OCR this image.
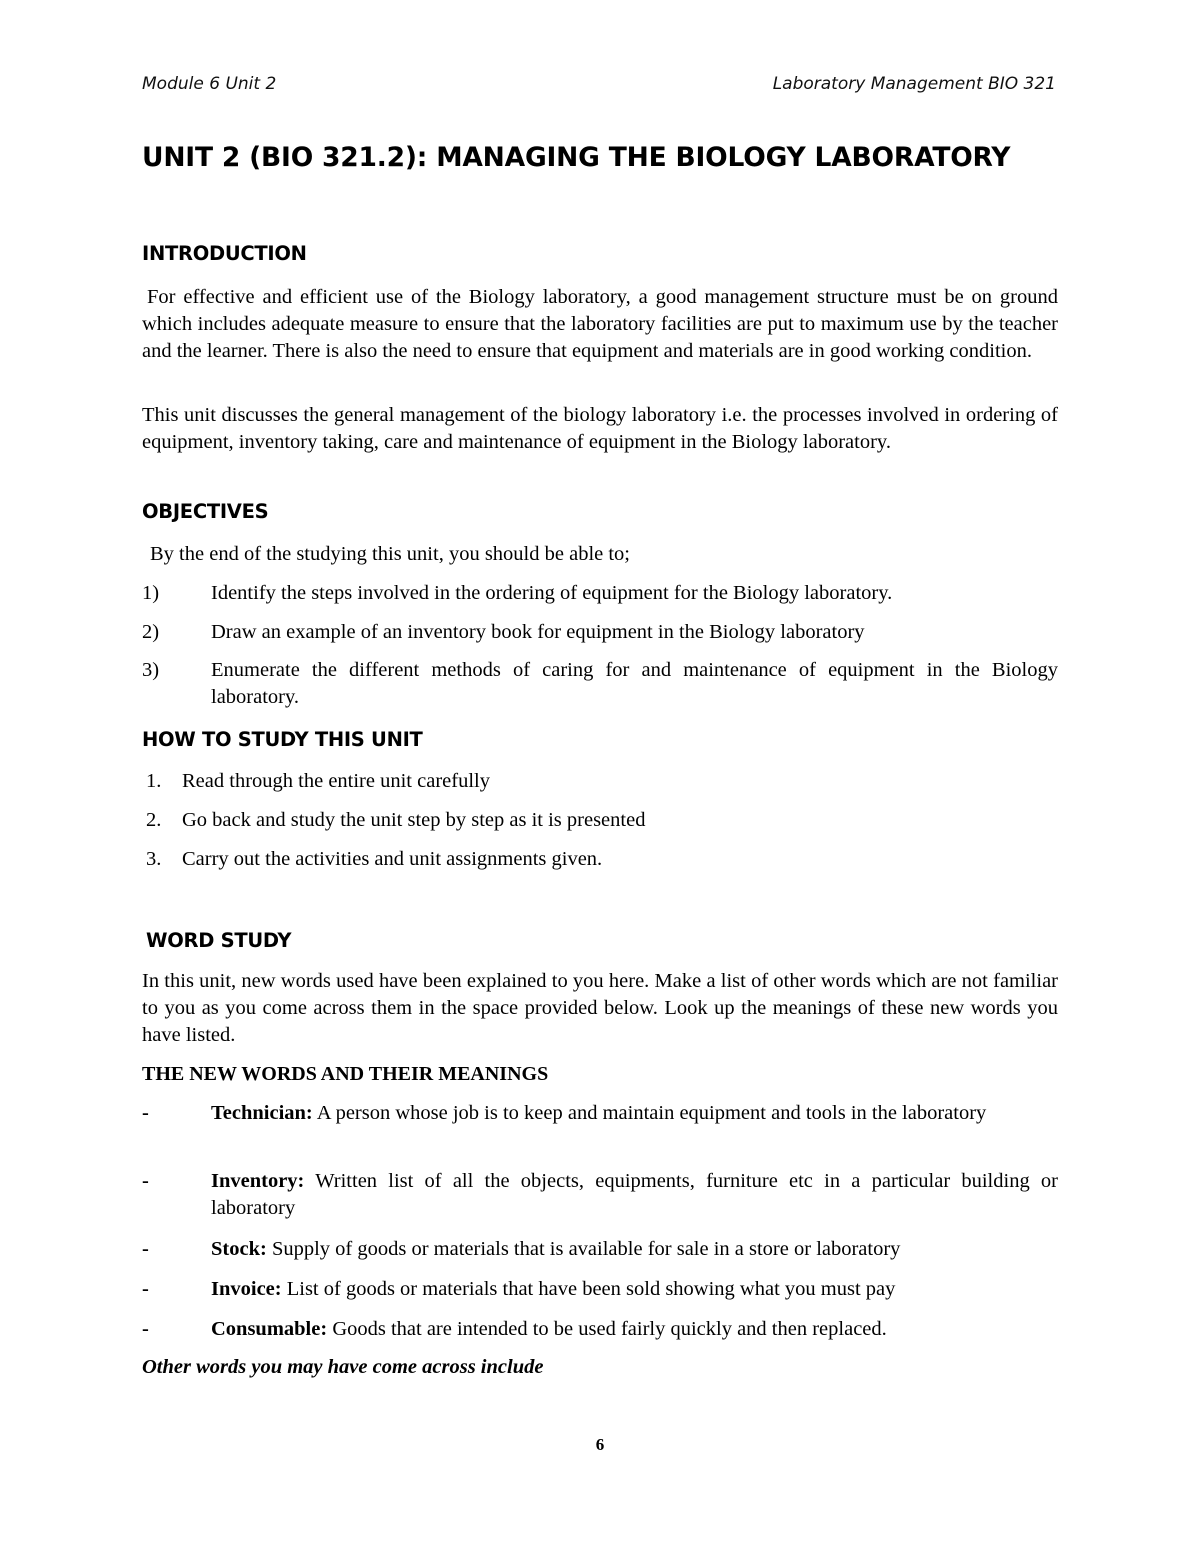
Module 6 Unit 2	Laboratory Management BIO 321
UNIT 2 (BIO 321.2): MANAGING THE BIOLOGY LABORATORY
INTRODUCTION
For effective and efficient use of the Biology laboratory, a good management structure must be on ground which includes adequate measure to ensure that the laboratory facilities are put to maximum use by the teacher and the learner. There is also the need to ensure that equipment and materials are in good working condition.
This unit discusses the general management of the biology laboratory i.e. the processes involved in ordering of equipment, inventory taking, care and maintenance of equipment in the Biology laboratory.
OBJECTIVES
By the end of the studying this unit, you should be able to;
1)	Identify the steps involved in the ordering of equipment for the Biology laboratory.
2)	Draw an example of an inventory book for equipment in the Biology laboratory
3)	Enumerate the different methods of caring for and maintenance of equipment in the Biology laboratory.
HOW TO STUDY THIS UNIT
1. Read through the entire unit carefully
2. Go back and study the unit step by step as it is presented
3. Carry out the activities and unit assignments given.
WORD STUDY
In this unit, new words used have been explained to you here. Make a list of other words which are not familiar to you as you come across them in the space provided below. Look up the meanings of these new words you have listed.
THE NEW WORDS AND THEIR MEANINGS
-	Technician: A person whose job is to keep and maintain equipment and tools in the laboratory
-	Inventory: Written list of all the objects, equipments, furniture etc in a particular building or laboratory
-	Stock: Supply of goods or materials that is available for sale in a store or laboratory
-	Invoice: List of goods or materials that have been sold showing what you must pay
-	Consumable: Goods that are intended to be used fairly quickly and then replaced.
Other words you may have come across include
6
